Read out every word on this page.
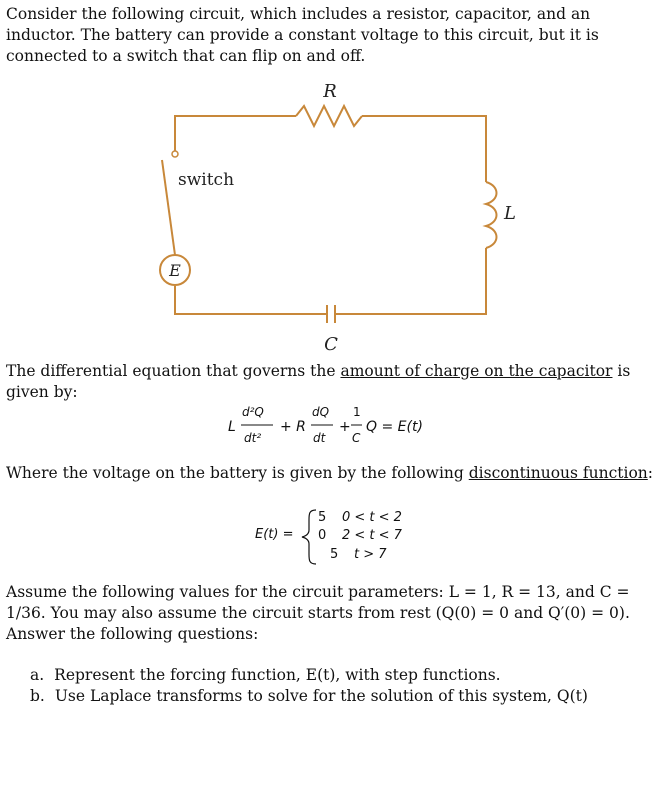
Consider the following circuit, which includes a resistor, capacitor, and an inductor. The battery can provide a constant voltage to this circuit, but it is connected to a switch that can flip on and off.

R
L
C
E
switch

The differential equation that governs the amount of charge on the capacitor is given by:

L
d²Q
dt²
+ R
dQ
dt
+
1
C
Q = E(t)

Where the voltage on the battery is given by the following discontinuous function:

E(t) =
5 0 < t < 2
0 2 < t < 7
5 t > 7

Assume the following values for the circuit parameters: L = 1, R = 13, and C = 1/36. You may also assume the circuit starts from rest (Q(0) = 0 and Q′(0) = 0). Answer the following questions:

a. Represent the forcing function, E(t), with step functions.
b. Use Laplace transforms to solve for the solution of this system, Q(t)
